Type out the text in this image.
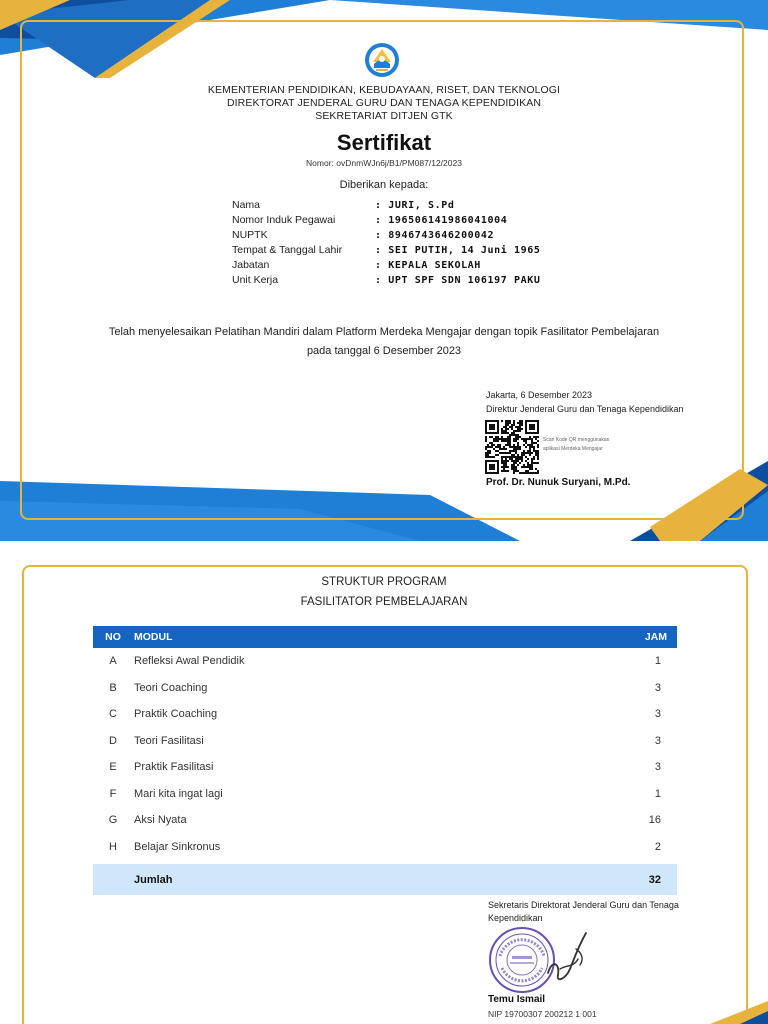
KEMENTERIAN PENDIDIKAN, KEBUDAYAAN, RISET, DAN TEKNOLOGI
DIREKTORAT JENDERAL GURU DAN TENAGA KEPENDIDIKAN
SEKRETARIAT DITJEN GTK
Sertifikat
Nomor: ovDnmWJn6j/B1/PM087/12/2023
Diberikan kepada:
Nama	: JURI, S.Pd
Nomor Induk Pegawai	: 196506141986041004
NUPTK	: 8946743646200042
Tempat & Tanggal Lahir	: SEI PUTIH, 14 Juni 1965
Jabatan	: KEPALA SEKOLAH
Unit Kerja	: UPT SPF SDN 106197 PAKU
Telah menyelesaikan Pelatihan Mandiri dalam Platform Merdeka Mengajar dengan topik Fasilitator Pembelajaran
pada tanggal 6 Desember 2023
Jakarta, 6 Desember 2023
Direktur Jenderal Guru dan Tenaga Kependidikan
Scan Kode QR menggunakan
aplikasi Merdeka Mengajar
Prof. Dr. Nunuk Suryani, M.Pd.
STRUKTUR PROGRAM
FASILITATOR PEMBELAJARAN
NO	MODUL	JAM
A	Refleksi Awal Pendidik	1
B	Teori Coaching	3
C	Praktik Coaching	3
D	Teori Fasilitasi	3
E	Praktik Fasilitasi	3
F	Mari kita ingat lagi	1
G	Aksi Nyata	16
H	Belajar Sinkronus	2
Jumlah	32
Sekretaris Direktorat Jenderal Guru dan Tenaga Kependidikan
Temu Ismail
NIP 19700307 200212 1 001
